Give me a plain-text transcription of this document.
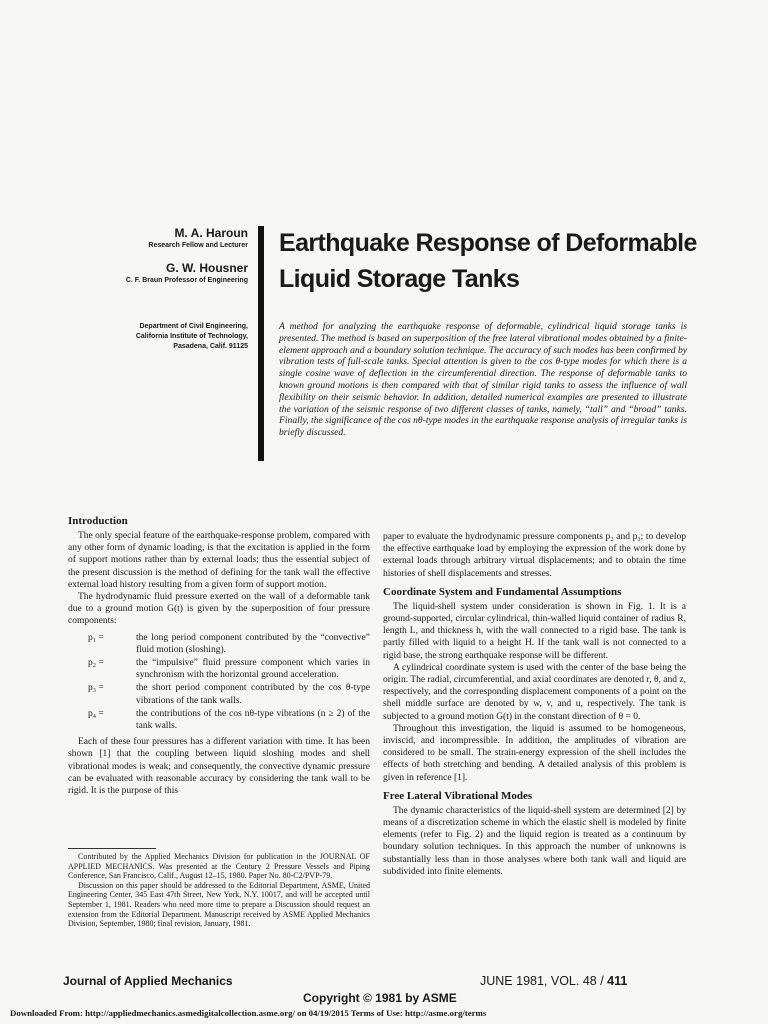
M. A. Haroun

Research Fellow and Lecturer

G. W. Housner

C. F. Braun Professor of Engineering

Department of Civil Engineering,
California Institute of Technology,
Pasadena, Calif. 91125
Earthquake Response of Deformable
Liquid Storage Tanks

A method for analyzing the earthquake response of deformable, cylindrical liquid storage tanks is presented. The method is based on superposition of the free lateral vibrational modes obtained by a finite-element approach and a boundary solution technique. The accuracy of such modes has been confirmed by vibration tests of full-scale tanks. Special attention is given to the cos θ-type modes for which there is a single cosine wave of deflection in the circumferential direction. The response of deformable tanks to known ground motions is then compared with that of similar rigid tanks to assess the influence of wall flexibility on their seismic behavior. In addition, detailed numerical examples are presented to illustrate the variation of the seismic response of two different classes of tanks, namely, “tall” and “broad” tanks. Finally, the significance of the cos nθ-type modes in the earthquake response analysis of irregular tanks is briefly discussed.

Introduction

The only special feature of the earthquake-response problem, compared with any other form of dynamic loading, is that the excitation is applied in the form of support motions rather than by external loads; thus the essential subject of the present discussion is the method of defining for the tank wall the effective external load history resulting from a given form of support motion.

The hydrodynamic fluid pressure exerted on the wall of a deformable tank due to a ground motion G(t) is given by the superposition of four pressure components:

p₁ =	the long period component contributed by the “convective” fluid motion (sloshing).
p₂ =	the “impulsive” fluid pressure component which varies in synchronism with the horizontal ground acceleration.
p₃ =	the short period component contributed by the cos θ-type vibrations of the tank walls.
p₄ =	the contributions of the cos nθ-type vibrations (n ≥ 2) of the tank walls.

Each of these four pressures has a different variation with time. It has been shown [1] that the coupling between liquid sloshing modes and shell vibrational modes is weak; and consequently, the convective dynamic pressure can be evaluated with reasonable accuracy by considering the tank wall to be rigid. It is the purpose of this

Contributed by the Applied Mechanics Division for publication in the JOURNAL OF APPLIED MECHANICS. Was presented at the Century 2 Pressure Vessels and Piping Conference, San Francisco, Calif., August 12–15, 1980. Paper No. 80-C2/PVP-79.

Discussion on this paper should be addressed to the Editorial Department, ASME, United Engineering Center, 345 East 47th Street, New York, N.Y. 10017, and will be accepted until September 1, 1981. Readers who need more time to prepare a Discussion should request an extension from the Editorial Department. Manuscript received by ASME Applied Mechanics Division, September, 1980; final revision, January, 1981.

paper to evaluate the hydrodynamic pressure components p₂ and p₃; to develop the effective earthquake load by employing the expression of the work done by external loads through arbitrary virtual displacements; and to obtain the time histories of shell displacements and stresses.

Coordinate System and Fundamental Assumptions

The liquid-shell system under consideration is shown in Fig. 1. It is a ground-supported, circular cylindrical, thin-walled liquid container of radius R, length L, and thickness h, with the wall connected to a rigid base. The tank is partly filled with liquid to a height H. If the tank wall is not connected to a rigid base, the strong earthquake response will be different.

A cylindrical coordinate system is used with the center of the base being the origin. The radial, circumferential, and axial coordinates are denoted r, θ, and z, respectively, and the corresponding displacement components of a point on the shell middle surface are denoted by w, v, and u, respectively. The tank is subjected to a ground motion G(t) in the constant direction of θ = 0.

Throughout this investigation, the liquid is assumed to be homogeneous, inviscid, and incompressible. In addition, the amplitudes of vibration are considered to be small. The strain-energy expression of the shell includes the effects of both stretching and bending. A detailed analysis of this problem is given in reference [1].

Free Lateral Vibrational Modes

The dynamic characteristics of the liquid-shell system are determined [2] by means of a discretization scheme in which the elastic shell is modeled by finite elements (refer to Fig. 2) and the liquid region is treated as a continuum by boundary solution techniques. In this approach the number of unknowns is substantially less than in those analyses where both tank wall and liquid are subdivided into finite elements.

Journal of Applied Mechanics	JUNE 1981, VOL. 48 / 411
Copyright © 1981 by ASME
Downloaded From: http://appliedmechanics.asmedigitalcollection.asme.org/ on 04/19/2015 Terms of Use: http://asme.org/terms
